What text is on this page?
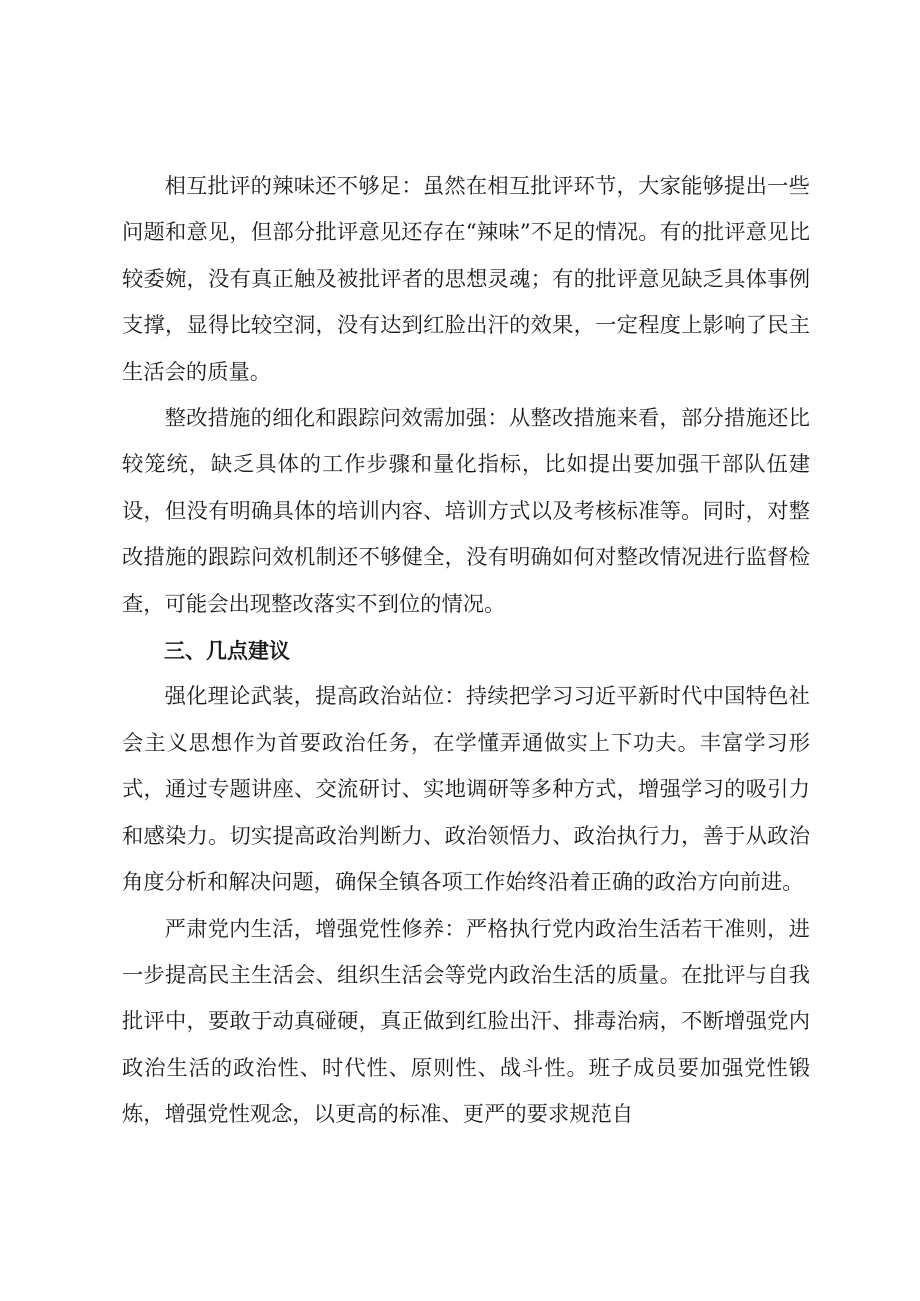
相互批评的辣味还不够足：虽然在相互批评环节，大家能够提出一些问题和意见，但部分批评意见还存在“辣味”不足的情况。有的批评意见比较委婉，没有真正触及被批评者的思想灵魂；有的批评意见缺乏具体事例支撑，显得比较空洞，没有达到红脸出汗的效果，一定程度上影响了民主生活会的质量。

整改措施的细化和跟踪问效需加强：从整改措施来看，部分措施还比较笼统，缺乏具体的工作步骤和量化指标，比如提出要加强干部队伍建设，但没有明确具体的培训内容、培训方式以及考核标准等。同时，对整改措施的跟踪问效机制还不够健全，没有明确如何对整改情况进行监督检查，可能会出现整改落实不到位的情况。

三、几点建议

强化理论武装，提高政治站位：持续把学习习近平新时代中国特色社会主义思想作为首要政治任务，在学懂弄通做实上下功夫。丰富学习形式，通过专题讲座、交流研讨、实地调研等多种方式，增强学习的吸引力和感染力。切实提高政治判断力、政治领悟力、政治执行力，善于从政治角度分析和解决问题，确保全镇各项工作始终沿着正确的政治方向前进。

严肃党内生活，增强党性修养：严格执行党内政治生活若干准则，进一步提高民主生活会、组织生活会等党内政治生活的质量。在批评与自我批评中，要敢于动真碰硬，真正做到红脸出汗、排毒治病，不断增强党内政治生活的政治性、时代性、原则性、战斗性。班子成员要加强党性锻炼，增强党性观念，以更高的标准、更严的要求规范自
